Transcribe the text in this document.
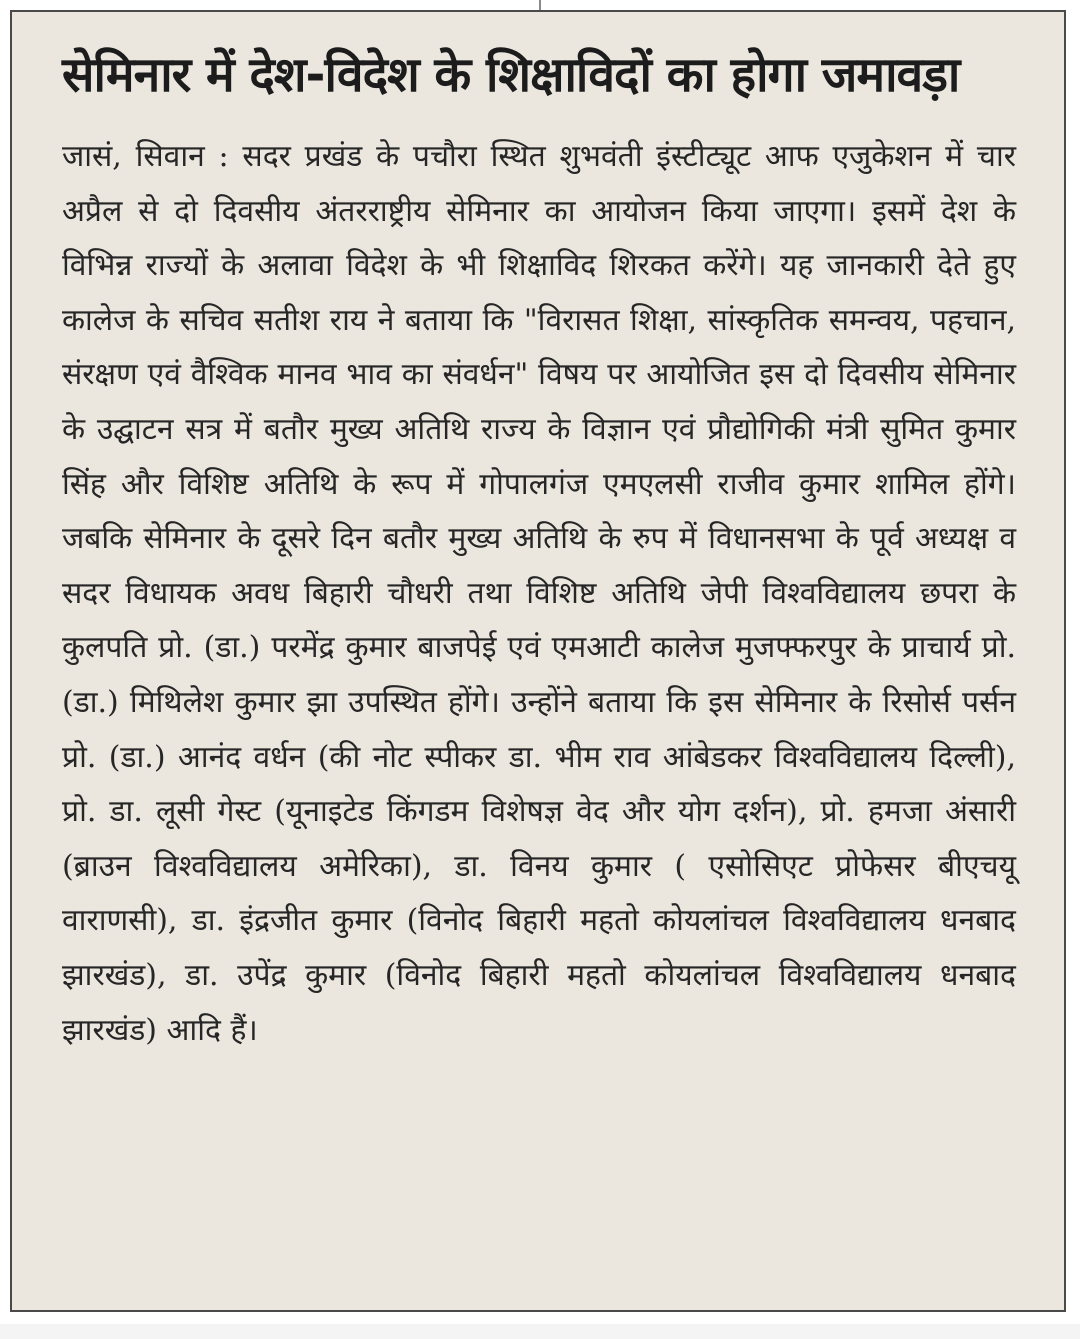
सेमिनार में देश-विदेश के शिक्षाविदों का होगा जमावड़ा

जासं, सिवान : सदर प्रखंड के पचौरा स्थित शुभवंती इंस्टीट्यूट आफ एजुकेशन में चार अप्रैल से दो दिवसीय अंतरराष्ट्रीय सेमिनार का आयोजन किया जाएगा। इसमें देश के विभिन्न राज्यों के अलावा विदेश के भी शिक्षाविद शिरकत करेंगे। यह जानकारी देते हुए कालेज के सचिव सतीश राय ने बताया कि "विरासत शिक्षा, सांस्कृतिक समन्वय, पहचान, संरक्षण एवं वैश्विक मानव भाव का संवर्धन" विषय पर आयोजित इस दो दिवसीय सेमिनार के उद्घाटन सत्र में बतौर मुख्य अतिथि राज्य के विज्ञान एवं प्रौद्योगिकी मंत्री सुमित कुमार सिंह और विशिष्ट अतिथि के रूप में गोपालगंज एमएलसी राजीव कुमार शामिल होंगे। जबकि सेमिनार के दूसरे दिन बतौर मुख्य अतिथि के रुप में विधानसभा के पूर्व अध्यक्ष व सदर विधायक अवध बिहारी चौधरी तथा विशिष्ट अतिथि जेपी विश्वविद्यालय छपरा के कुलपति प्रो. (डा.) परमेंद्र कुमार बाजपेई एवं एमआटी कालेज मुजफ्फरपुर के प्राचार्य प्रो. (डा.) मिथिलेश कुमार झा उपस्थित होंगे। उन्होंने बताया कि इस सेमिनार के रिसोर्स पर्सन प्रो. (डा.) आनंद वर्धन (की नोट स्पीकर डा. भीम राव आंबेडकर विश्वविद्यालय दिल्ली), प्रो. डा. लूसी गेस्ट (यूनाइटेड किंगडम विशेषज्ञ वेद और योग दर्शन), प्रो. हमजा अंसारी (ब्राउन विश्वविद्यालय अमेरिका), डा. विनय कुमार ( एसोसिएट प्रोफेसर बीएचयू वाराणसी), डा. इंद्रजीत कुमार (विनोद बिहारी महतो कोयलांचल विश्वविद्यालय धनबाद झारखंड), डा. उपेंद्र कुमार (विनोद बिहारी महतो कोयलांचल विश्वविद्यालय धनबाद झारखंड) आदि हैं।
